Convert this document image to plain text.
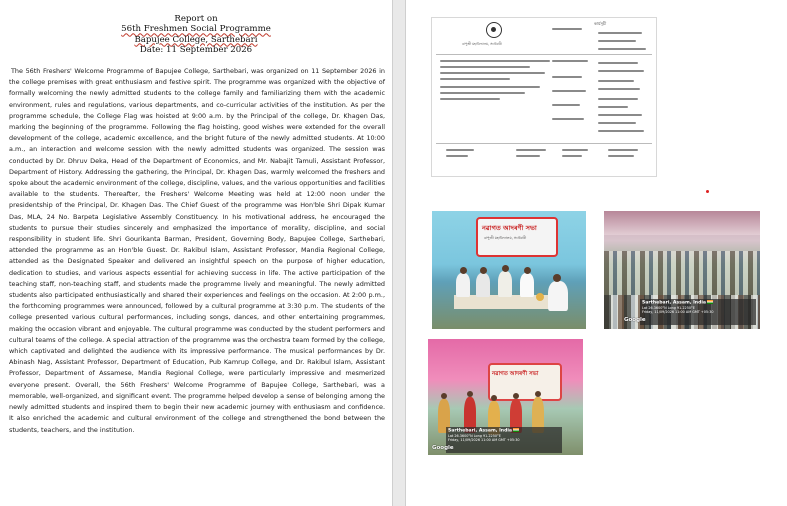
Report on
56th Freshmen Social Programme
Bapujee College, Sarthebari
Date: 11 September 2026

The 56th Freshers' Welcome Programme of Bapujee College, Sarthebari, was organized on 11 September 2026 in the college premises with great enthusiasm and festive spirit. The programme was organized with the objective of formally welcoming the newly admitted students to the college family and familiarizing them with the academic environment, rules and regulations, various departments, and co-curricular activities of the institution. As per the programme schedule, the College Flag was hoisted at 9:00 a.m. by the Principal of the college, Dr. Khagen Das, marking the beginning of the programme. Following the flag hoisting, good wishes were extended for the overall development of the college, academic excellence, and the bright future of the newly admitted students. At 10:00 a.m., an interaction and welcome session with the newly admitted students was organized. The session was conducted by Dr. Dhruv Deka, Head of the Department of Economics, and Mr. Nabajit Tamuli, Assistant Professor, Department of History. Addressing the gathering, the Principal, Dr. Khagen Das, warmly welcomed the freshers and spoke about the academic environment of the college, discipline, values, and the various opportunities and facilities available to the students. Thereafter, the Freshers' Welcome Meeting was held at 12:00 noon under the presidentship of the Principal, Dr. Khagen Das. The Chief Guest of the programme was Hon'ble Shri Dipak Kumar Das, MLA, 24 No. Barpeta Legislative Assembly Constituency. In his motivational address, he encouraged the students to pursue their studies sincerely and emphasized the importance of morality, discipline, and social responsibility in student life. Shri Gourikanta Barman, President, Governing Body, Bapujee College, Sarthebari, attended the programme as an Hon'ble Guest. Dr. Rakibul Islam, Assistant Professor, Mandia Regional College, attended as the Designated Speaker and delivered an insightful speech on the purpose of higher education, dedication to studies, and various aspects essential for achieving success in life. The active participation of the teaching staff, non-teaching staff, and students made the programme lively and meaningful. The newly admitted students also participated enthusiastically and shared their experiences and feelings on the occasion. At 2:00 p.m., the forthcoming programmes were announced, followed by a cultural programme at 3:30 p.m. The students of the college presented various cultural performances, including songs, dances, and other entertaining programmes, making the occasion vibrant and enjoyable. The cultural programme was conducted by the student performers and cultural teams of the college. A special attraction of the programme was the orchestra team formed by the college, which captivated and delighted the audience with its impressive performance. The musical performances by Dr. Abinash Nag, Assistant Professor, Department of Education, Pub Kamrup College, and Dr. Rakibul Islam, Assistant Professor, Department of Assamese, Mandia Regional College, were particularly impressive and mesmerized everyone present. Overall, the 56th Freshers' Welcome Programme of Bapujee College, Sarthebari, was a memorable, well-organized, and significant event. The programme helped develop a sense of belonging among the newly admitted students and inspired them to begin their new academic journey with enthusiasm and confidence. It also enriched the academic and cultural environment of the college and strengthened the bond between the students, teachers, and the institution.

কাৰ্যসূচী
বাপুজী মহাবিদ্যালয়, সৰ্থেবাৰী
নৱাগত আদৰণী সভা
বাপুজী মহাবিদ্যালয়, সৰ্থেবাৰী
Sarthebari, Assam, India
Lat 26.3600°N Long 91.2250°E
Friday, 11/09/2026 11:00 AM GMT +05:30
Google
নৱাগত আদৰণী সভা
Sarthebari, Assam, India
Lat 26.3600°N Long 91.2250°E
Friday, 11/09/2026 11:00 AM GMT +05:30
Google
